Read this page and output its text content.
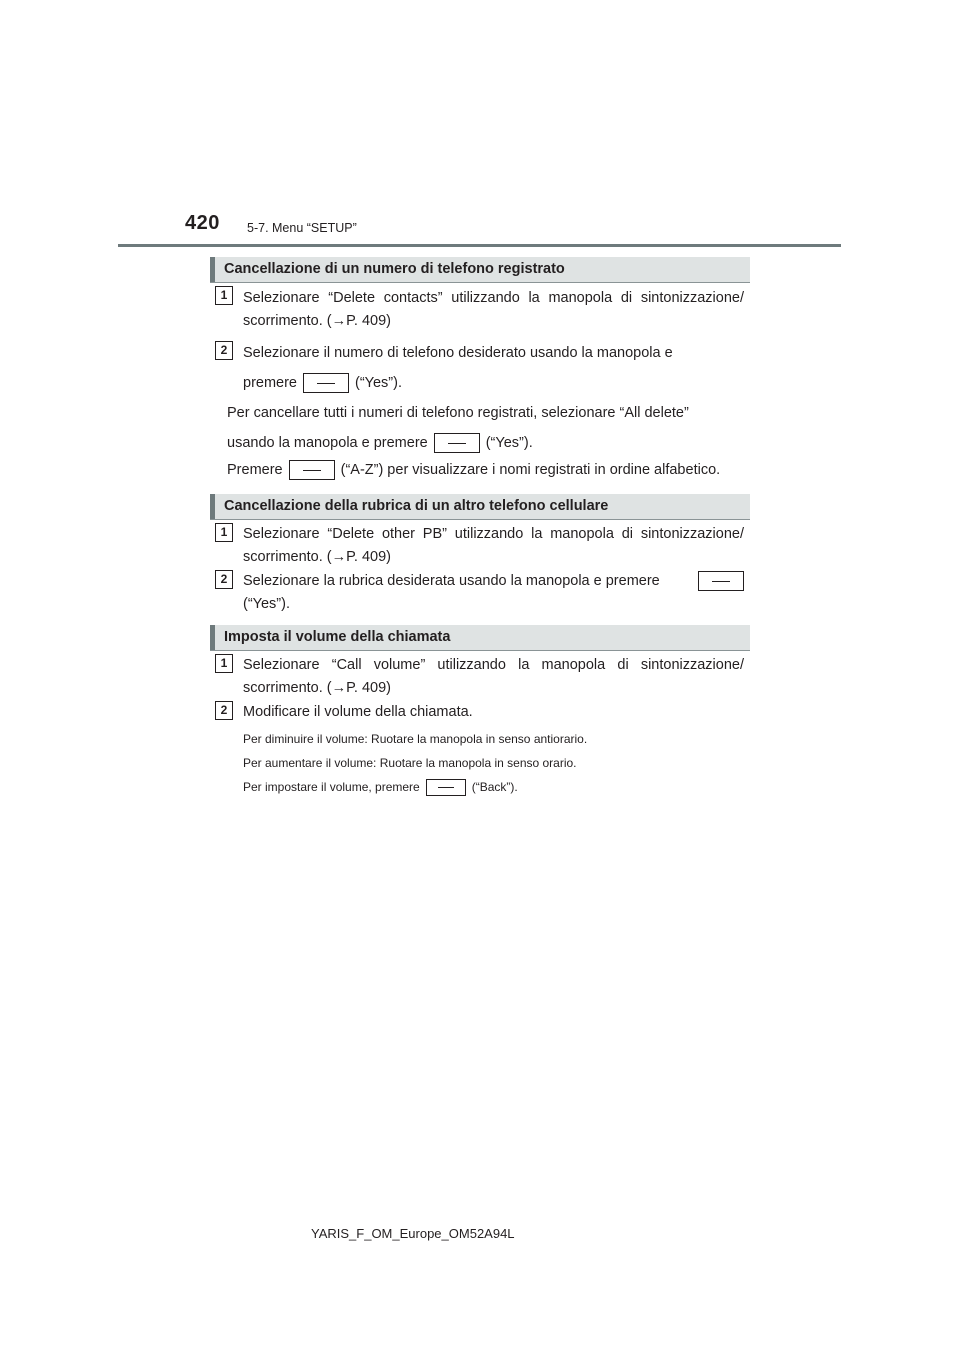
420 5-7. Menu “SETUP”
Cancellazione di un numero di telefono registrato
1	Selezionare “Delete contacts” utilizzando la manopola di sintonizzazione/ scorrimento. (→P. 409)
2	Selezionare il numero di telefono desiderato usando la manopola e
premere	(“Yes”).
Per cancellare tutti i numeri di telefono registrati, selezionare “All delete”
usando la manopola e premere	(“Yes”).
Premere	(“A-Z”) per visualizzare i nomi registrati in ordine alfabetico.
Cancellazione della rubrica di un altro telefono cellulare
1	Selezionare “Delete other PB” utilizzando la manopola di sintonizzazione/ scorrimento. (→P. 409)
2	Selezionare la rubrica desiderata usando la manopola e premere

(“Yes”).
Imposta il volume della chiamata
1	Selezionare “Call volume” utilizzando la manopola di sintonizzazione/ scorrimento. (→P. 409)
2	Modificare il volume della chiamata.
Per diminuire il volume: Ruotare la manopola in senso antiorario.
Per aumentare il volume: Ruotare la manopola in senso orario.
Per impostare il volume, premere	(“Back”).
YARIS_F_OM_Europe_OM52A94L
